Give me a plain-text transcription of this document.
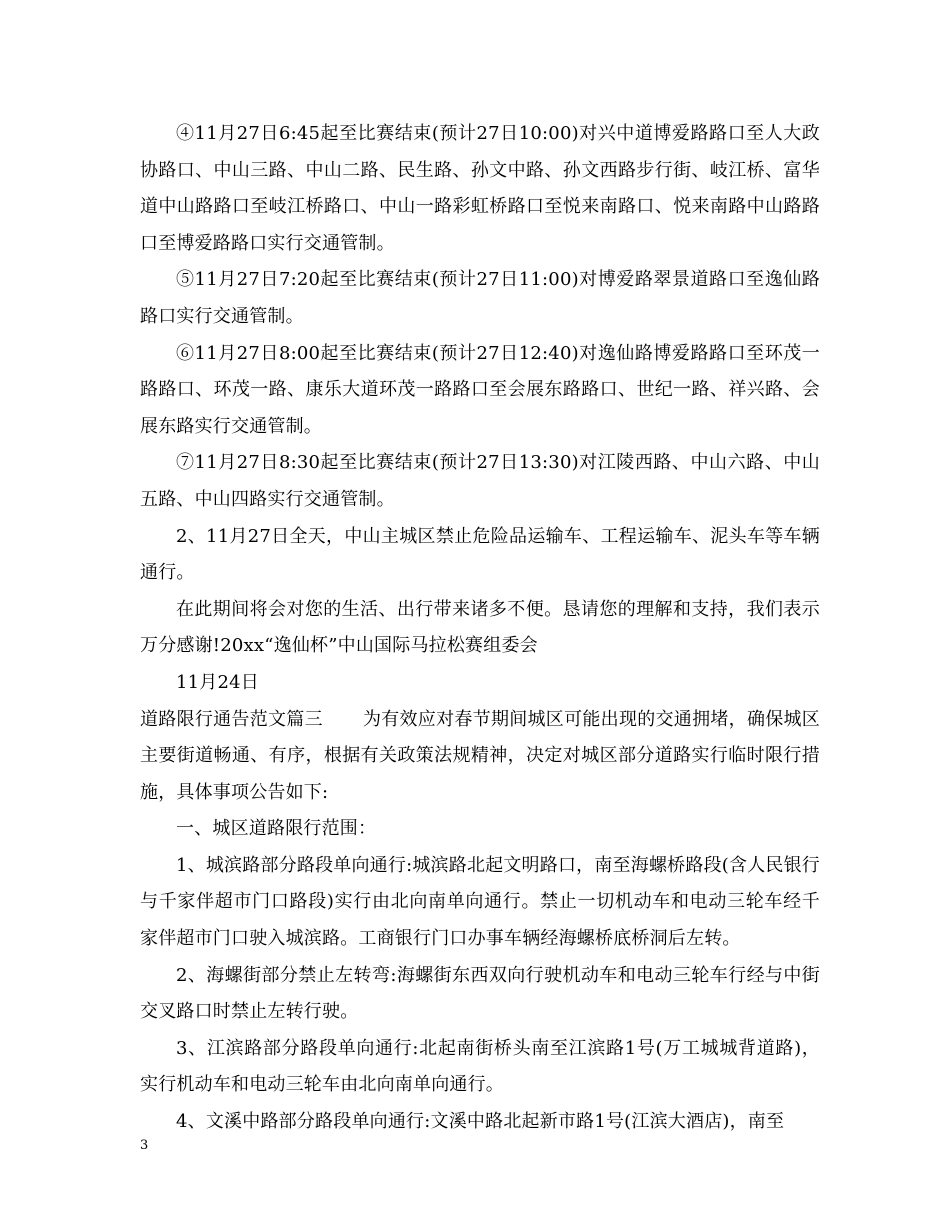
④11月27日6:45起至比赛结束(预计27日10:00)对兴中道博爱路路口至人大政协路口、中山三路、中山二路、民生路、孙文中路、孙文西路步行街、岐江桥、富华道中山路路口至岐江桥路口、中山一路彩虹桥路口至悦来南路口、悦来南路中山路路口至博爱路路口实行交通管制。

⑤11月27日7:20起至比赛结束(预计27日11:00)对博爱路翠景道路口至逸仙路路口实行交通管制。

⑥11月27日8:00起至比赛结束(预计27日12:40)对逸仙路博爱路路口至环茂一路路口、环茂一路、康乐大道环茂一路路口至会展东路路口、世纪一路、祥兴路、会展东路实行交通管制。

⑦11月27日8:30起至比赛结束(预计27日13:30)对江陵西路、中山六路、中山五路、中山四路实行交通管制。

2、11月27日全天，中山主城区禁止危险品运输车、工程运输车、泥头车等车辆通行。

在此期间将会对您的生活、出行带来诸多不便。恳请您的理解和支持，我们表示万分感谢!20xx“逸仙杯”中山国际马拉松赛组委会

11月24日

道路限行通告范文篇三 为有效应对春节期间城区可能出现的交通拥堵，确保城区主要街道畅通、有序，根据有关政策法规精神，决定对城区部分道路实行临时限行措施，具体事项公告如下:

一、城区道路限行范围：

1、城滨路部分路段单向通行:城滨路北起文明路口，南至海螺桥路段(含人民银行与千家伴超市门口路段)实行由北向南单向通行。禁止一切机动车和电动三轮车经千家伴超市门口驶入城滨路。工商银行门口办事车辆经海螺桥底桥洞后左转。

2、海螺街部分禁止左转弯:海螺街东西双向行驶机动车和电动三轮车行经与中街交叉路口时禁止左转行驶。

3、江滨路部分路段单向通行:北起南街桥头南至江滨路1号(万工城城背道路)，实行机动车和电动三轮车由北向南单向通行。

4、文溪中路部分路段单向通行:文溪中路北起新市路1号(江滨大酒店)，南至

3
